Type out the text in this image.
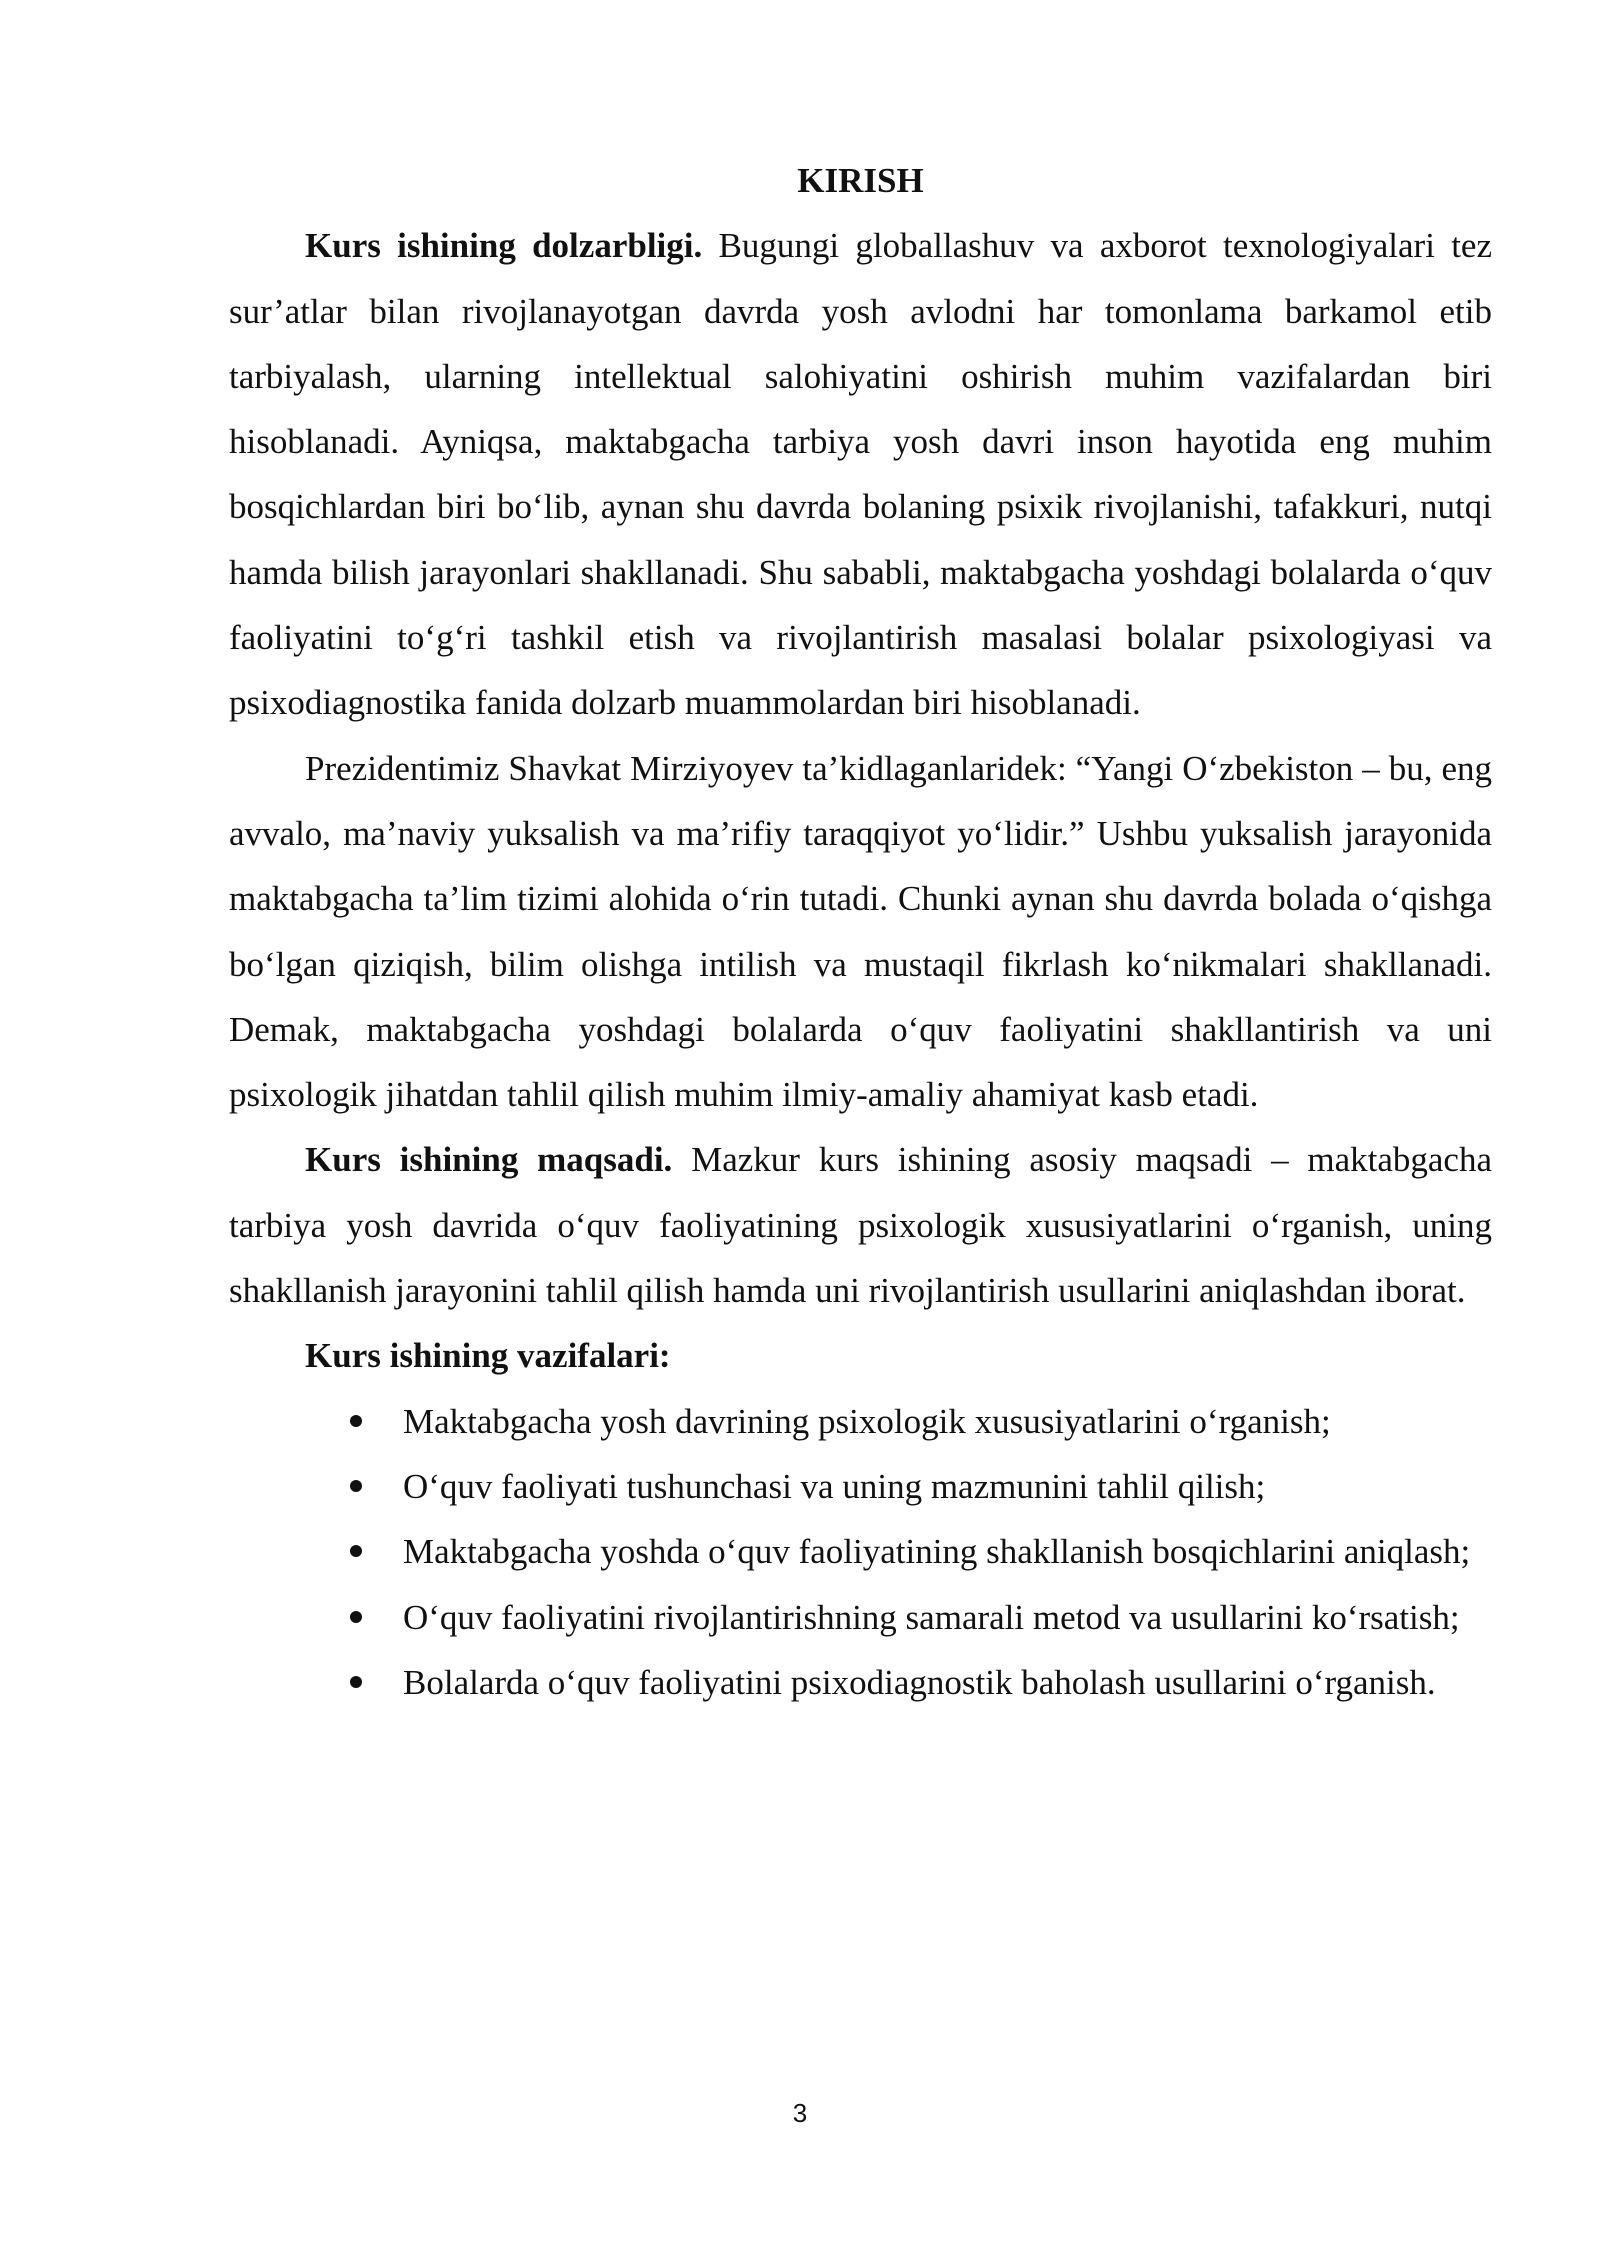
KIRISH

Kurs ishining dolzarbligi. Bugungi globallashuv va axborot texnologiyalari tez sur’atlar bilan rivojlanayotgan davrda yosh avlodni har tomonlama barkamol etib tarbiyalash, ularning intellektual salohiyatini oshirish muhim vazifalardan biri hisoblanadi. Ayniqsa, maktabgacha tarbiya yosh davri inson hayotida eng muhim bosqichlardan biri bo‘lib, aynan shu davrda bolaning psixik rivojlanishi, tafakkuri, nutqi hamda bilish jarayonlari shakllanadi. Shu sababli, maktabgacha yoshdagi bolalarda o‘quv faoliyatini to‘g‘ri tashkil etish va rivojlantirish masalasi bolalar psixologiyasi va psixodiagnostika fanida dolzarb muammolardan biri hisoblanadi.

Prezidentimiz Shavkat Mirziyoyev ta’kidlaganlaridek: “Yangi O‘zbekiston – bu, eng avvalo, ma’naviy yuksalish va ma’rifiy taraqqiyot yo‘lidir.” Ushbu yuksalish jarayonida maktabgacha ta’lim tizimi alohida o‘rin tutadi. Chunki aynan shu davrda bolada o‘qishga bo‘lgan qiziqish, bilim olishga intilish va mustaqil fikrlash ko‘nikmalari shakllanadi. Demak, maktabgacha yoshdagi bolalarda o‘quv faoliyatini shakllantirish va uni psixologik jihatdan tahlil qilish muhim ilmiy-amaliy ahamiyat kasb etadi.

Kurs ishining maqsadi. Mazkur kurs ishining asosiy maqsadi – maktabgacha tarbiya yosh davrida o‘quv faoliyatining psixologik xususiyatlarini o‘rganish, uning shakllanish jarayonini tahlil qilish hamda uni rivojlantirish usullarini aniqlashdan iborat.

Kurs ishining vazifalari:

Maktabgacha yosh davrining psixologik xususiyatlarini o‘rganish;
O‘quv faoliyati tushunchasi va uning mazmunini tahlil qilish;
Maktabgacha yoshda o‘quv faoliyatining shakllanish bosqichlarini aniqlash;
O‘quv faoliyatini rivojlantirishning samarali metod va usullarini ko‘rsatish;
Bolalarda o‘quv faoliyatini psixodiagnostik baholash usullarini o‘rganish.
3
